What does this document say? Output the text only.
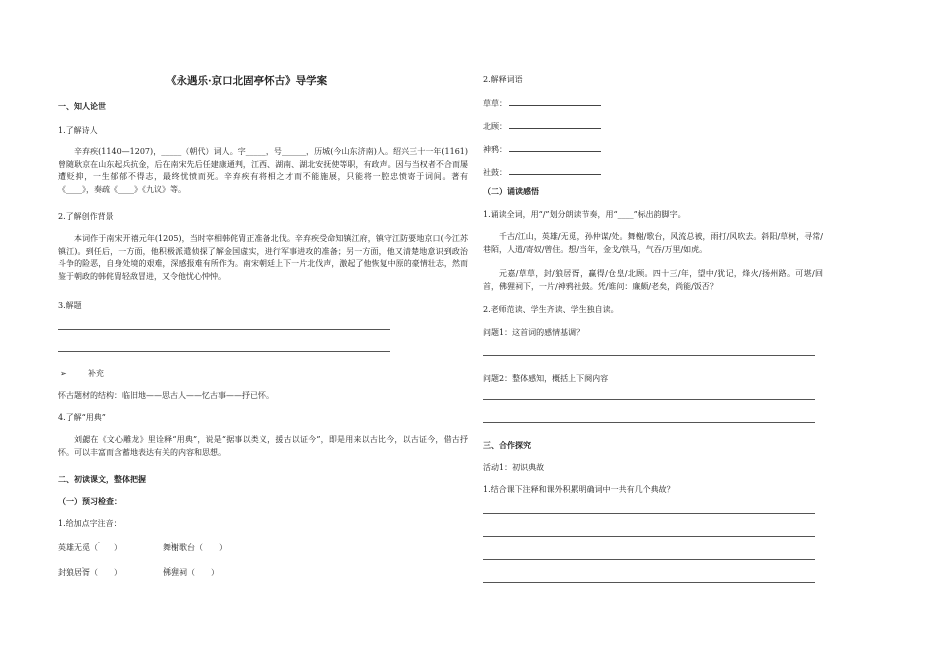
《永遇乐·京口北固亭怀古》导学案
一、知人论世
1.了解诗人
辛弃疾(1140—1207)，_____（朝代）词人。字_____，号______，历城(今山东济南)人。绍兴三十一年(1161)曾随耿京在山东起兵抗金，后在南宋先后任建康通判，江西、湖南、湖北安抚使等职，有政声。因与当权者不合而屡遭贬抑，一生郁郁不得志，最终忧愤而死。辛弃疾有将相之才而不能施展，只能将一腔忠愤寄于词间。著有《____》，奏疏《____》《九议》等。
2.了解创作背景
本词作于南宋开禧元年(1205)，当时宰相韩侂胄正准备北伐。辛弃疾受命知镇江府，镇守江防要地京口(今江苏镇江)。到任后，一方面，他积极派遣侦探了解金国虚实，进行军事进攻的准备；另一方面，他又清楚地意识到政治斗争的险恶，自身处境的艰难，深感报难有所作为。南宋朝廷上下一片北伐声，激起了他恢复中原的豪情壮志，然而鉴于朝政的韩侂胄轻敌冒进，又令他忧心忡忡。
3.解题
➢	补充
怀古题材的结构：临旧地——思古人——忆古事——抒已怀。
4.了解“用典”
刘勰在《文心雕龙》里诠释“用典”，说是“据事以类义，援古以证今”，即是用来以古比今，以古证今，借古抒怀。可以丰富而含蓄地表达有关的内容和思想。
二、初读课文，整体把握
（一）预习检查：
1.给加点字注音：
英雄无觅（　　）
.
舞榭歌台（　　）
.
封狼居胥（　　）
.
佛狸祠（　　）
...
2.解释词语
草草：
北顾：
神鸦：
社鼓：
（二）诵读感悟
1.诵读全词，用“/”划分朗读节奏，用“____”标出韵脚字。
千古/江山，英雄/无觅，孙仲谋/处。舞榭/歌台，风流总被，雨打/风吹去。斜阳/草树，寻常/巷陌，人道/寄奴/曾住。想/当年，金戈/铁马，气吞/万里/如虎。
元嘉/草草，封/狼居胥，赢得/仓皇/北顾。四十三/年，望中/犹记，烽火/扬州路。可堪/回首，佛狸祠下，一片/神鸦社鼓。凭/谁问：廉颇/老矣，尚能/饭否？
2.老师范读、学生齐读、学生独自读。
问题1：这首词的感情基调？
问题2：整体感知，概括上下阕内容
三、合作探究
活动1：初识典故
1.结合课下注释和课外积累明确词中一共有几个典故？
